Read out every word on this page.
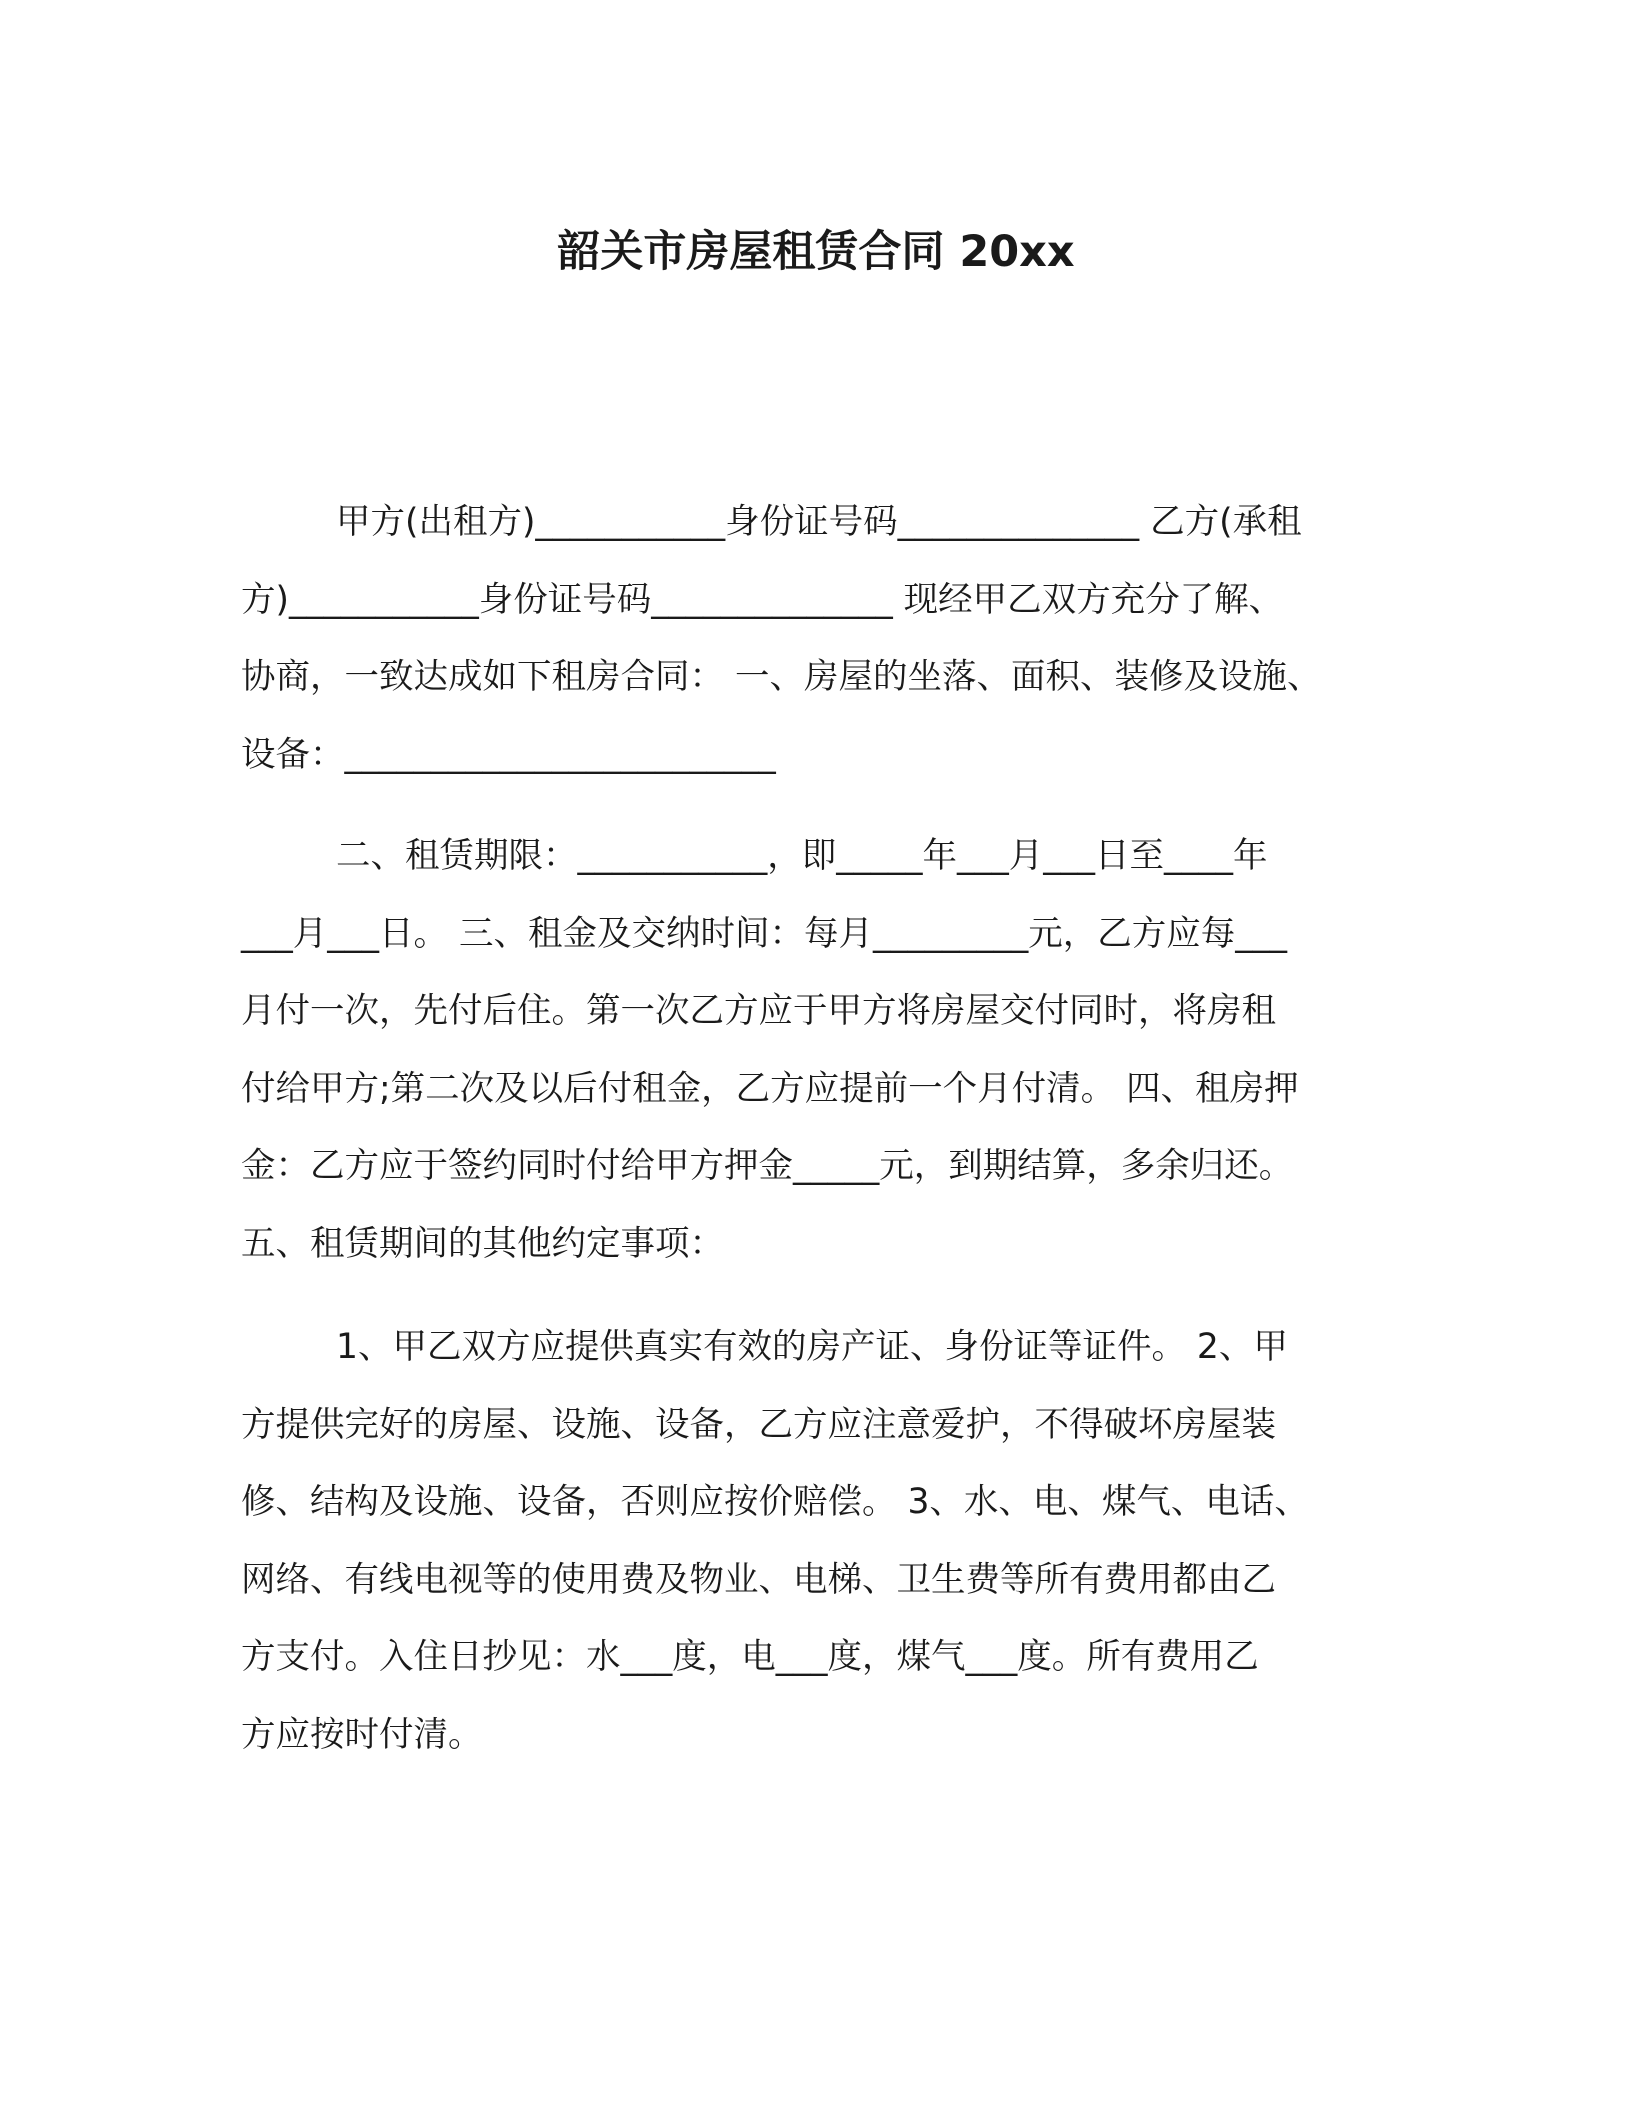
韶关市房屋租赁合同 20xx
甲方(出租方)___________身份证号码______________ 乙方(承租
方)___________身份证号码______________ 现经甲乙双方充分了解、
协商，一致达成如下租房合同： 一、房屋的坐落、面积、装修及设施、
设备：_________________________
二、租赁期限：___________，即_____年___月___日至____年
___月___日。 三、租金及交纳时间：每月_________元，乙方应每___
月付一次，先付后住。第一次乙方应于甲方将房屋交付同时，将房租
付给甲方;第二次及以后付租金，乙方应提前一个月付清。 四、租房押
金：乙方应于签约同时付给甲方押金_____元，到期结算，多余归还。
五、租赁期间的其他约定事项：
1、甲乙双方应提供真实有效的房产证、身份证等证件。 2、甲
方提供完好的房屋、设施、设备，乙方应注意爱护，不得破坏房屋装
修、结构及设施、设备，否则应按价赔偿。 3、水、电、煤气、电话、
网络、有线电视等的使用费及物业、电梯、卫生费等所有费用都由乙
方支付。入住日抄见：水___度，电___度，煤气___度。所有费用乙
方应按时付清。
